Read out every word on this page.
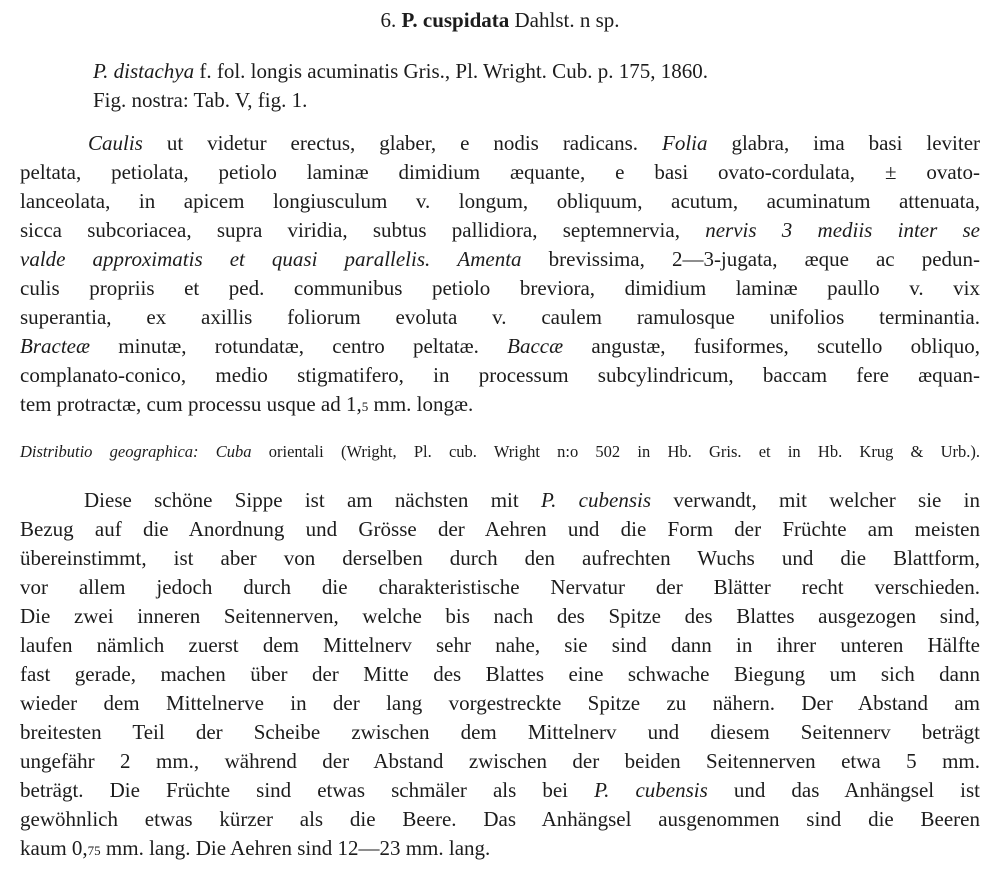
6. P. cuspidata Dahlst. n sp.

P. distachya f. fol. longis acuminatis Gris., Pl. Wright. Cub. p. 175, 1860.

Fig. nostra: Tab. V, fig. 1.

Caulis ut videtur erectus, glaber, e nodis radicans. Folia glabra, ima basi leviter

peltata, petiolata, petiolo laminæ dimidium æquante, e basi ovato-cordulata, ± ovato-

lanceolata, in apicem longiusculum v. longum, obliquum, acutum, acuminatum attenuata,

sicca subcoriacea, supra viridia, subtus pallidiora, septemnervia, nervis 3 mediis inter se

valde approximatis et quasi parallelis. Amenta brevissima, 2—3-jugata, æque ac pedun-

culis propriis et ped. communibus petiolo breviora, dimidium laminæ paullo v. vix

superantia, ex axillis foliorum evoluta v. caulem ramulosque unifolios terminantia.

Bracteæ minutæ, rotundatæ, centro peltatæ. Baccæ angustæ, fusiformes, scutello obliquo,

complanato-conico, medio stigmatifero, in processum subcylindricum, baccam fere æquan-

tem protractæ, cum processu usque ad 1,5 mm. longæ.

Distributio geographica: Cuba orientali (Wright, Pl. cub. Wright n:o 502 in Hb. Gris. et in Hb. Krug & Urb.).

Diese schöne Sippe ist am nächsten mit P. cubensis verwandt, mit welcher sie in

Bezug auf die Anordnung und Grösse der Aehren und die Form der Früchte am meisten

übereinstimmt, ist aber von derselben durch den aufrechten Wuchs und die Blattform,

vor allem jedoch durch die charakteristische Nervatur der Blätter recht verschieden.

Die zwei inneren Seitennerven, welche bis nach des Spitze des Blattes ausgezogen sind,

laufen nämlich zuerst dem Mittelnerv sehr nahe, sie sind dann in ihrer unteren Hälfte

fast gerade, machen über der Mitte des Blattes eine schwache Biegung um sich dann

wieder dem Mittelnerve in der lang vorgestreckte Spitze zu nähern. Der Abstand am

breitesten Teil der Scheibe zwischen dem Mittelnerv und diesem Seitennerv beträgt

ungefähr 2 mm., während der Abstand zwischen der beiden Seitennerven etwa 5 mm.

beträgt. Die Früchte sind etwas schmäler als bei P. cubensis und das Anhängsel ist

gewöhnlich etwas kürzer als die Beere. Das Anhängsel ausgenommen sind die Beeren

kaum 0,75 mm. lang. Die Aehren sind 12—23 mm. lang.
